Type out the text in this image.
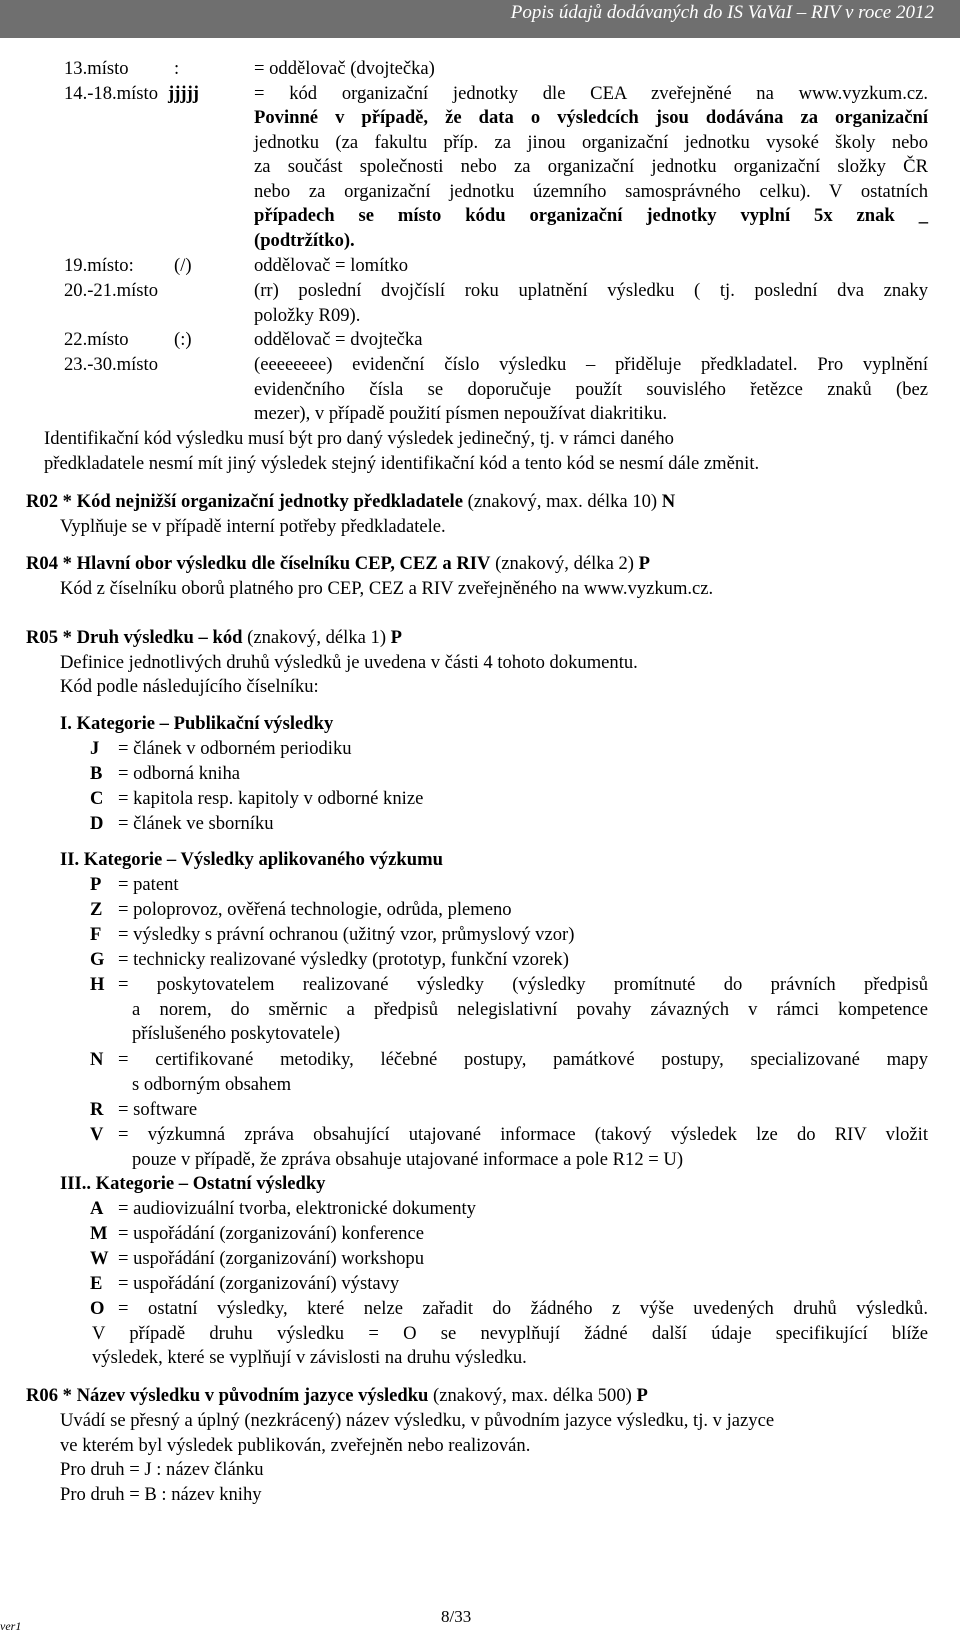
Popis údajů dodávaných do IS VaVaI – RIV v roce 2012
13.místo :	= oddělovač (dvojtečka)
14.-18.místo jjjjj	= kód organizační jednotky dle CEA zveřejněné na www.vyzkum.cz.
Povinné v případě, že data o výsledcích jsou dodávána za organizační
jednotku (za fakultu příp. za jinou organizační jednotku vysoké školy nebo
za součást společnosti nebo za organizační jednotku organizační složky ČR
nebo za organizační jednotku územního samosprávného celku). V ostatních
případech se místo kódu organizační jednotky vyplní 5x znak _
(podtržítko).
19.místo: (/)	oddělovač = lomítko
20.-21.místo	(rr) poslední dvojčíslí roku uplatnění výsledku ( tj. poslední dva znaky
položky R09).
22.místo (:)	oddělovač = dvojtečka
23.-30.místo	(eeeeeeee) evidenční číslo výsledku – přiděluje předkladatel. Pro vyplnění
evidenčního čísla se doporučuje použít souvislého řetězce znaků (bez
mezer), v případě použití písmen nepoužívat diakritiku.
Identifikační kód výsledku musí být pro daný výsledek jedinečný, tj. v rámci daného
předkladatele nesmí mít jiný výsledek stejný identifikační kód a tento kód se nesmí dále změnit.
R02 * Kód nejnižší organizační jednotky předkladatele (znakový, max. délka 10) N
Vyplňuje se v případě interní potřeby předkladatele.
R04 * Hlavní obor výsledku dle číselníku CEP, CEZ a RIV (znakový, délka 2) P
Kód z číselníku oborů platného pro CEP, CEZ a RIV zveřejněného na www.vyzkum.cz.
R05 * Druh výsledku – kód (znakový, délka 1) P
Definice jednotlivých druhů výsledků je uvedena v části 4 tohoto dokumentu.
Kód podle následujícího číselníku:
I. Kategorie – Publikační výsledky
J	= článek v odborném periodiku
B = odborná kniha
C = kapitola resp. kapitoly v odborné knize
D = článek ve sborníku
II. Kategorie – Výsledky aplikovaného výzkumu
P = patent
Z = poloprovoz, ověřená technologie, odrůda, plemeno
F = výsledky s právní ochranou (užitný vzor, průmyslový vzor)
G = technicky realizované výsledky (prototyp, funkční vzorek)
H = poskytovatelem realizované výsledky (výsledky promítnuté do právních předpisů
a norem, do směrnic a předpisů nelegislativní povahy závazných v rámci kompetence
příslušeného poskytovatele)
N = certifikované metodiky, léčebné postupy, památkové postupy, specializované mapy
s odborným obsahem
R = software
V = výzkumná zpráva obsahující utajované informace (takový výsledek lze do RIV vložit
pouze v případě, že zpráva obsahuje utajované informace a pole R12 = U)
III.. Kategorie – Ostatní výsledky
A = audiovizuální tvorba, elektronické dokumenty
M = uspořádání (zorganizování) konference
W = uspořádání (zorganizování) workshopu
E = uspořádání (zorganizování) výstavy
O = ostatní výsledky, které nelze zařadit do žádného z výše uvedených druhů výsledků.
V případě druhu výsledku = O se nevyplňují žádné další údaje specifikující blíže
výsledek, které se vyplňují v závislosti na druhu výsledku.
R06 * Název výsledku v původním jazyce výsledku (znakový, max. délka 500) P
Uvádí se přesný a úplný (nezkrácený) název výsledku, v původním jazyce výsledku, tj. v jazyce
ve kterém byl výsledek publikován, zveřejněn nebo realizován.
Pro druh = J : název článku
Pro druh = B : název knihy
8/33
ver1
